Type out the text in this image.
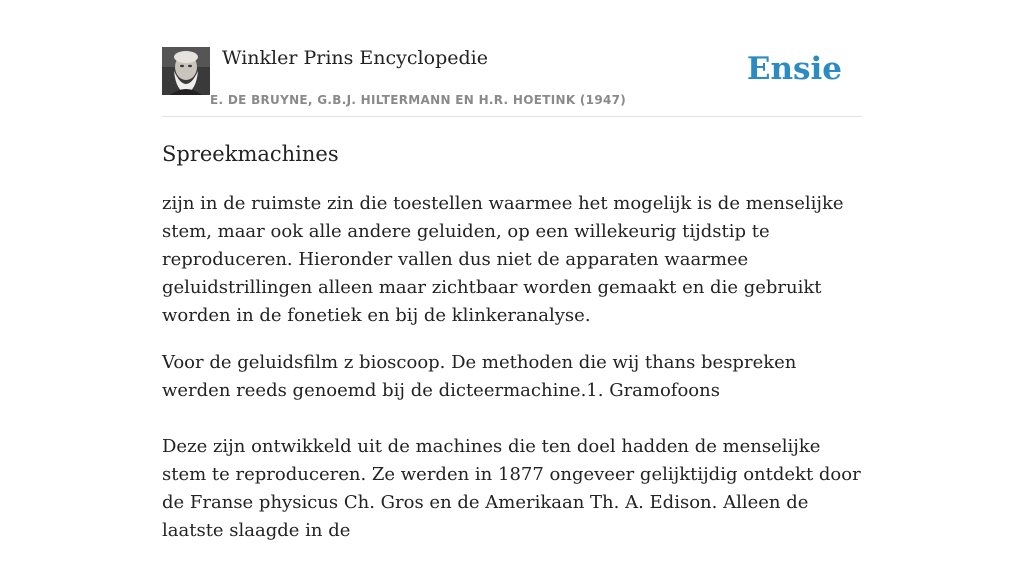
Winkler Prins Encyclopedie
E. DE BRUYNE, G.B.J. HILTERMANN EN H.R. HOETINK (1947)
Ensie
Spreekmachines

zijn in de ruimste zin die toestellen waarmee het mogelijk is de menselijke stem, maar ook alle andere geluiden, op een willekeurig tijdstip te reproduceren. Hieronder vallen dus niet de apparaten waarmee geluidstrillingen alleen maar zichtbaar worden gemaakt en die gebruikt worden in de fonetiek en bij de klinkeranalyse.

Voor de geluidsfilm z bioscoop. De methoden die wij thans bespreken werden reeds genoemd bij de dicteermachine.1. Gramofoons

Deze zijn ontwikkeld uit de machines die ten doel hadden de menselijke stem te reproduceren. Ze werden in 1877 ongeveer gelijktijdig ontdekt door de Franse physicus Ch. Gros en de Amerikaan Th. A. Edison. Alleen de laatste slaagde in de
